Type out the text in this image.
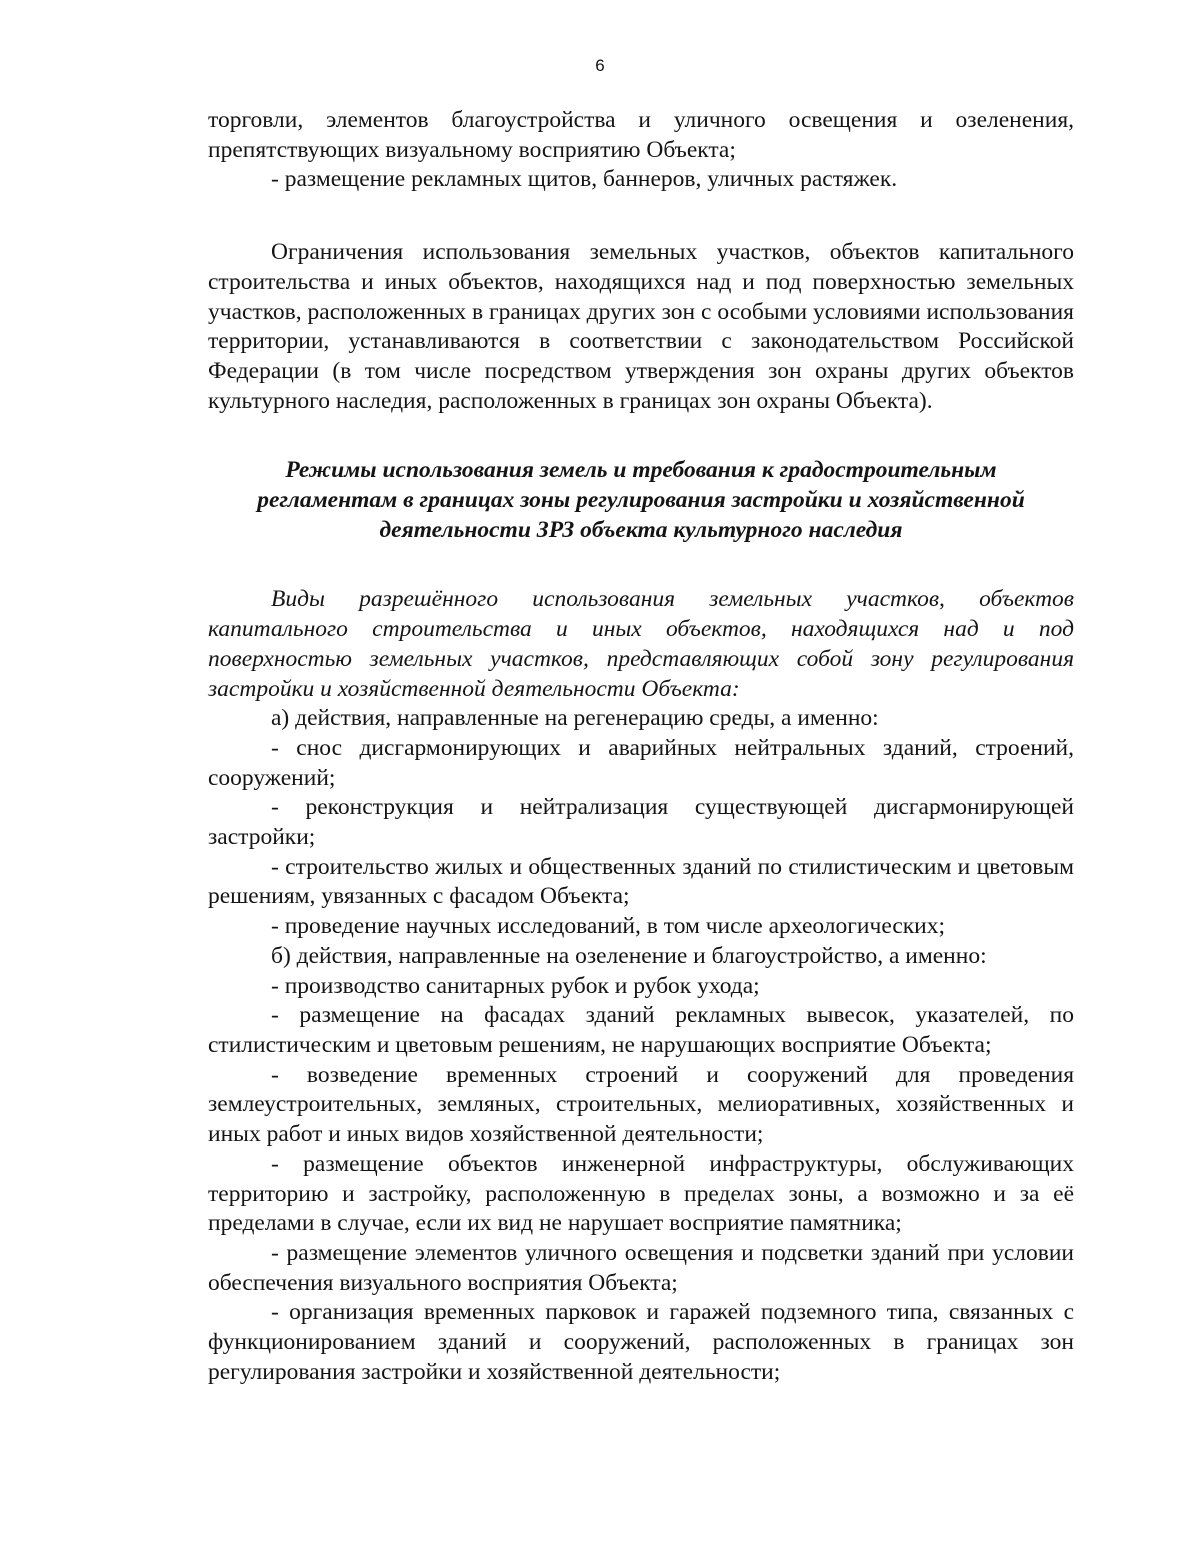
6

торговли, элементов благоустройства и уличного освещения и озеленения, препятствующих визуальному восприятию Объекта;

- размещение рекламных щитов, баннеров, уличных растяжек.

Ограничения использования земельных участков, объектов капитального строительства и иных объектов, находящихся над и под поверхностью земельных участков, расположенных в границах других зон с особыми условиями использования территории, устанавливаются в соответствии с законодательством Российской Федерации (в том числе посредством утверждения зон охраны других объектов культурного наследия, расположенных в границах зон охраны Объекта).

Режимы использования земель и требования к градостроительным регламентам в границах зоны регулирования застройки и хозяйственной деятельности ЗРЗ объекта культурного наследия

Виды разрешённого использования земельных участков, объектов капитального строительства и иных объектов, находящихся над и под поверхностью земельных участков, представляющих собой зону регулирования застройки и хозяйственной деятельности Объекта:

а) действия, направленные на регенерацию среды, а именно:

- снос дисгармонирующих и аварийных нейтральных зданий, строений, сооружений;

- реконструкция и нейтрализация существующей дисгармонирующей застройки;

- строительство жилых и общественных зданий по стилистическим и цветовым решениям, увязанных с фасадом Объекта;

- проведение научных исследований, в том числе археологических;

б) действия, направленные на озеленение и благоустройство, а именно:

- производство санитарных рубок и рубок ухода;

- размещение на фасадах зданий рекламных вывесок, указателей, по стилистическим и цветовым решениям, не нарушающих восприятие Объекта;

- возведение временных строений и сооружений для проведения землеустроительных, земляных, строительных, мелиоративных, хозяйственных и иных работ и иных видов хозяйственной деятельности;

- размещение объектов инженерной инфраструктуры, обслуживающих территорию и застройку, расположенную в пределах зоны, а возможно и за её пределами в случае, если их вид не нарушает восприятие памятника;

- размещение элементов уличного освещения и подсветки зданий при условии обеспечения визуального восприятия Объекта;

- организация временных парковок и гаражей подземного типа, связанных с функционированием зданий и сооружений, расположенных в границах зон регулирования застройки и хозяйственной деятельности;
